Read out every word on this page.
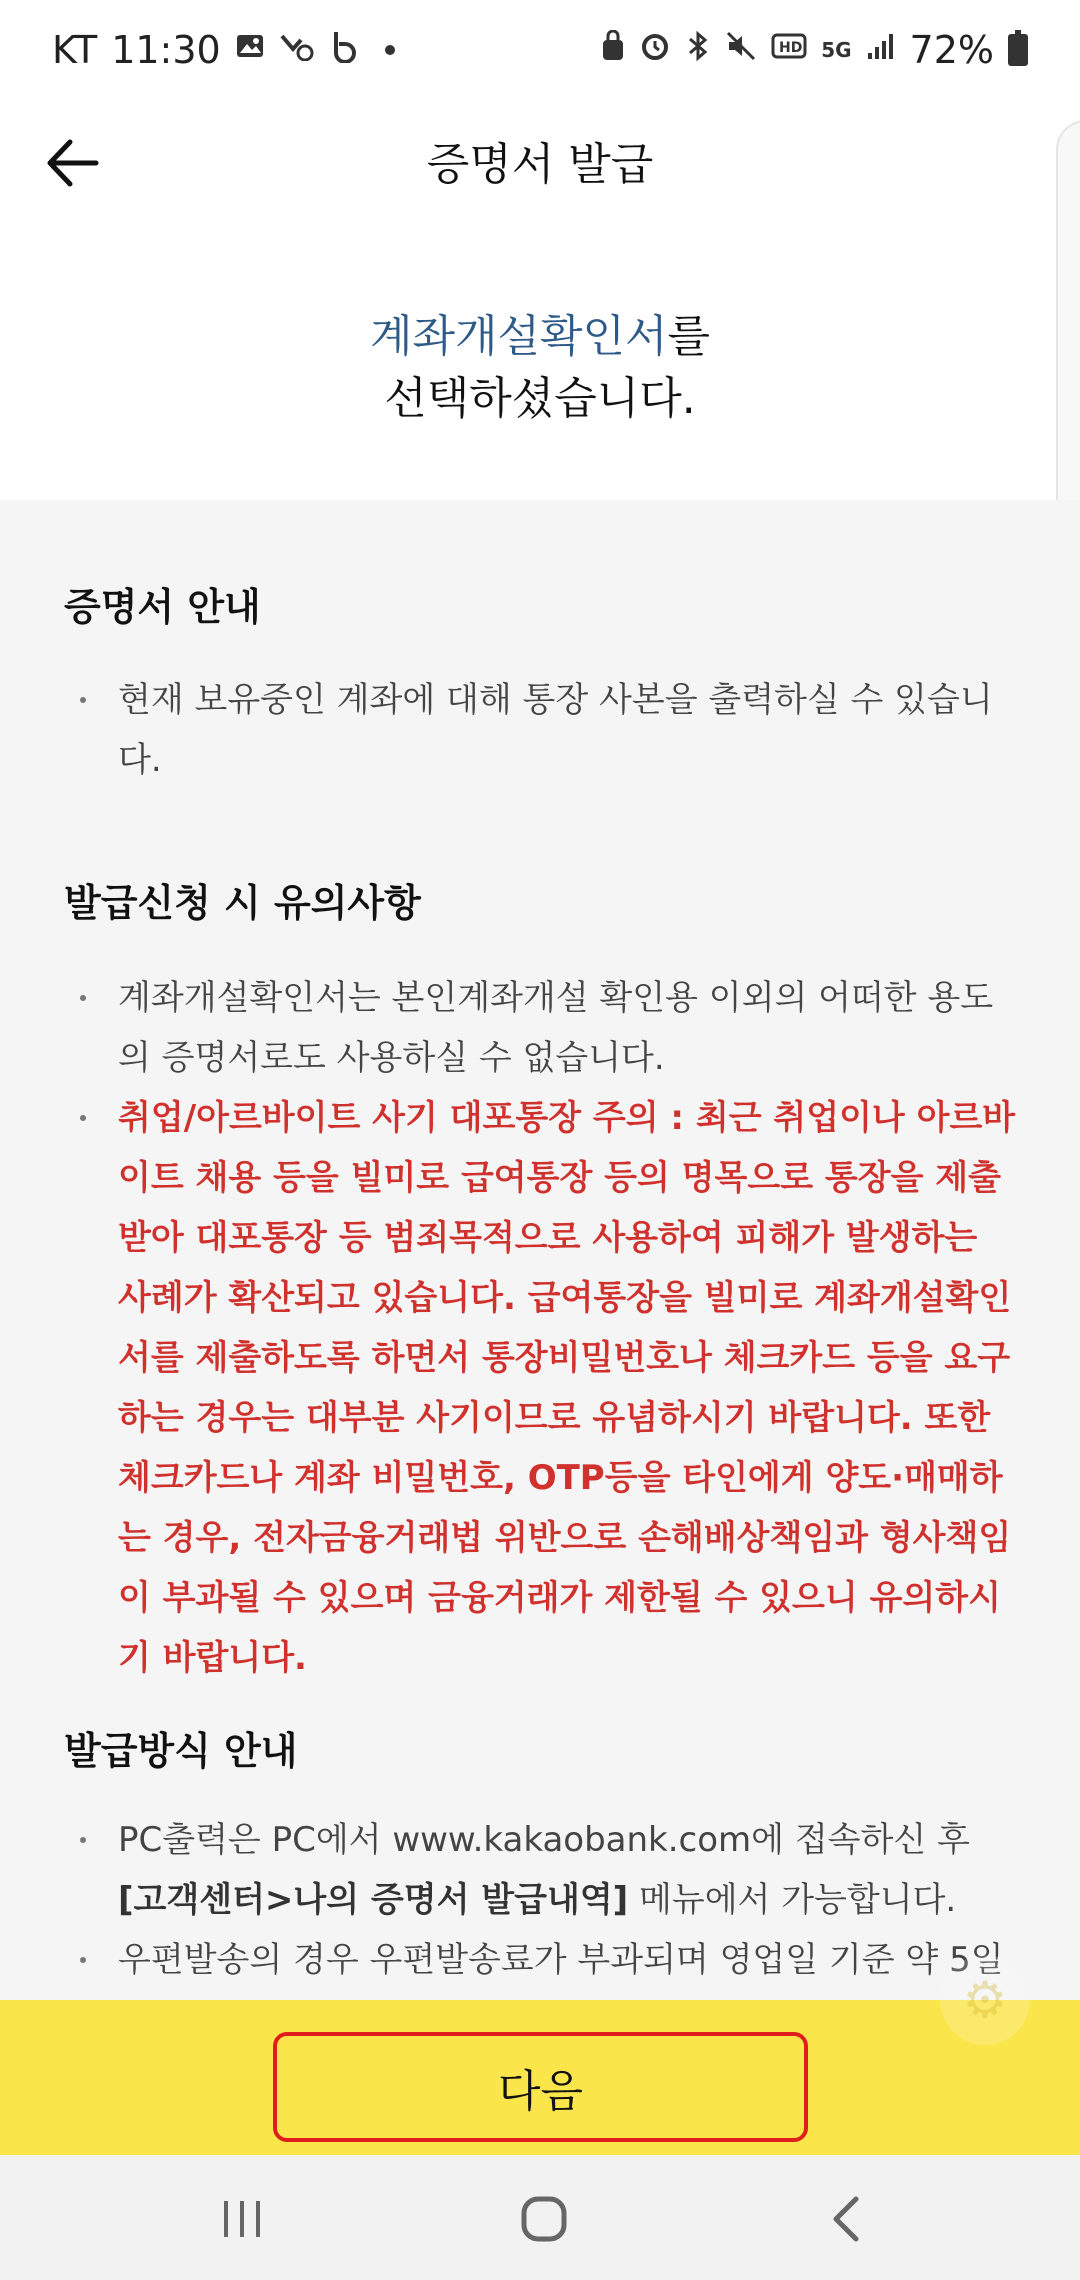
KT 11:30	HD 5G 72%
증명서 발급
계좌개설확인서를
선택하셨습니다.
증명서 안내
현재 보유중인 계좌에 대해 통장 사본을 출력하실 수 있습니다.
발급신청 시 유의사항
계좌개설확인서는 본인계좌개설 확인용 이외의 어떠한 용도의 증명서로도 사용하실 수 없습니다.
취업/아르바이트 사기 대포통장 주의 : 최근 취업이나 아르바이트 채용 등을 빌미로 급여통장 등의 명목으로 통장을 제출받아 대포통장 등 범죄목적으로 사용하여 피해가 발생하는 사례가 확산되고 있습니다. 급여통장을 빌미로 계좌개설확인서를 제출하도록 하면서 통장비밀번호나 체크카드 등을 요구하는 경우는 대부분 사기이므로 유념하시기 바랍니다. 또한 체크카드나 계좌 비밀번호, OTP등을 타인에게 양도·매매하는 경우, 전자금융거래법 위반으로 손해배상책임과 형사책임이 부과될 수 있으며 금융거래가 제한될 수 있으니 유의하시기 바랍니다.
발급방식 안내
PC출력은 PC에서 www.kakaobank.com에 접속하신 후 [고객센터>나의 증명서 발급내역] 메뉴에서 가능합니다.
우편발송의 경우 우편발송료가 부과되며 영업일 기준 약 5일
다음
⚙
